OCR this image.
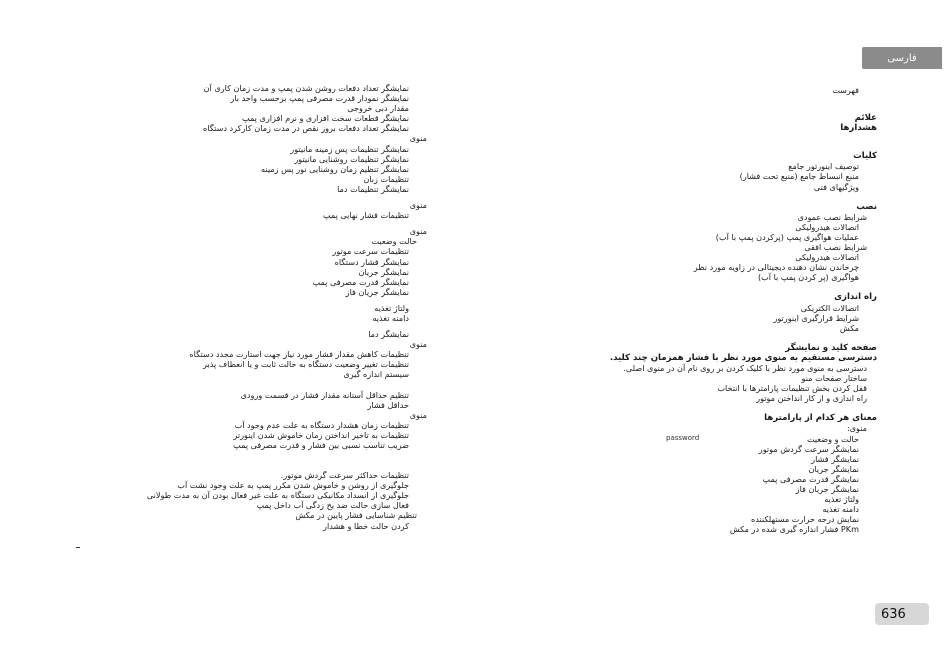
فارسی
فهرست
علائم
هشدارها
کلیات
توصیف اینورتور جامع
منبع انبساط جامع (منبع تحت فشار)
ویژگیهای فنی
نصب
شرایط نصب عمودی
اتصالات هیدرولیکی
عملیات هواگیری پمپ (پرکردن پمپ با آب)
شرایط نصب افقی
اتصالات هیدرولیکی
چرخاندن نشان دهنده دیجیتالی در زاویه مورد نظر
هواگیری (پر کردن پمپ با آب)
راه اندازی
اتصالات الکتریکی
شرایط قرارگیری اینورتور
مکش
صفحه کلید و نمایشگر
دسترسی مستقیم به منوی مورد نظر با فشار همزمان چند کلید.
دسترسی به منوی مورد نظر با کلیک کردن بر روی نام آن در منوی اصلی.
ساختار صفحات منو
قفل کردن بخش تنظیمات پارامترها با انتخاب
راه اندازی و از کار انداختن موتور
معنای هر کدام از پارامترها
منوی:
حالت و وضعیت
نمایشگر سرعت گردش موتور
نمایشگر فشار
نمایشگر جریان
نمایشگر قدرت مصرفی پمپ
نمایشگر جریان فاز
ولتاژ تغذیه
دامنه تغذیه
نمایش درجه حرارت مستهلکننده
PKm فشار اندازه گیری شده در مکش
نمایشگر تعداد دفعات روشن شدن پمپ و مدت زمان کاری آن
نمایشگر نمودار قدرت مصرفی پمپ برحسب واحد بار
مقدار دبی خروجی
نمایشگر قطعات سخت افزاری و نرم افزاری پمپ
نمایشگر تعداد دفعات بروز نقص در مدت زمان کارکرد دستگاه
منوی
نمایشگر تنظیمات پس زمینه مانیتور
نمایشگر تنظیمات روشنایی مانیتور
نمایشگر تنظیم زمان روشنایی نور پس زمینه
تنظیمات زبان
نمایشگر تنظیمات دما
منوی
تنظیمات فشار نهایی پمپ
منوی
حالت وضعیت
تنظیمات سرعت موتور
نمایشگر فشار دستگاه
نمایشگر جریان
نمایشگر قدرت مصرفی پمپ
نمایشگر جریان فاز
ولتاژ تغذیه
دامنه تغذیه
نمایشگر دما
منوی
تنظیمات کاهش مقدار فشار مورد نیاز جهت استارت مجدد دستگاه
تنظیمات تغییر وضعیت دستگاه به حالت ثابت و یا انعطاف پذیر
سیستم اندازه گیری
تنظیم حداقل آستانه مقدار فشار در قسمت ورودی
حداقل فشار
منوی
تنظیمات زمان هشدار دستگاه به علت عدم وجود آب
تنظیمات به تاخیر انداختن زمان خاموش شدن اینورتر
ضریب تناسب نسبی بین فشار و قدرت مصرفی پمپ
تنظیمات حداکثر سرعت گردش موتور.
جلوگیری از روشن و خاموش شدن مکرر پمپ به علت وجود نشت آب
جلوگیری از انسداد مکانیکی دستگاه به علت غیر فعال بودن آن به مدت طولانی
فعال سازی حالت ضد یخ زدگی آب داخل پمپ
تنظیم شناسایی فشار پایین در مکش
کردن حالت خطا و هشدار
password
636
